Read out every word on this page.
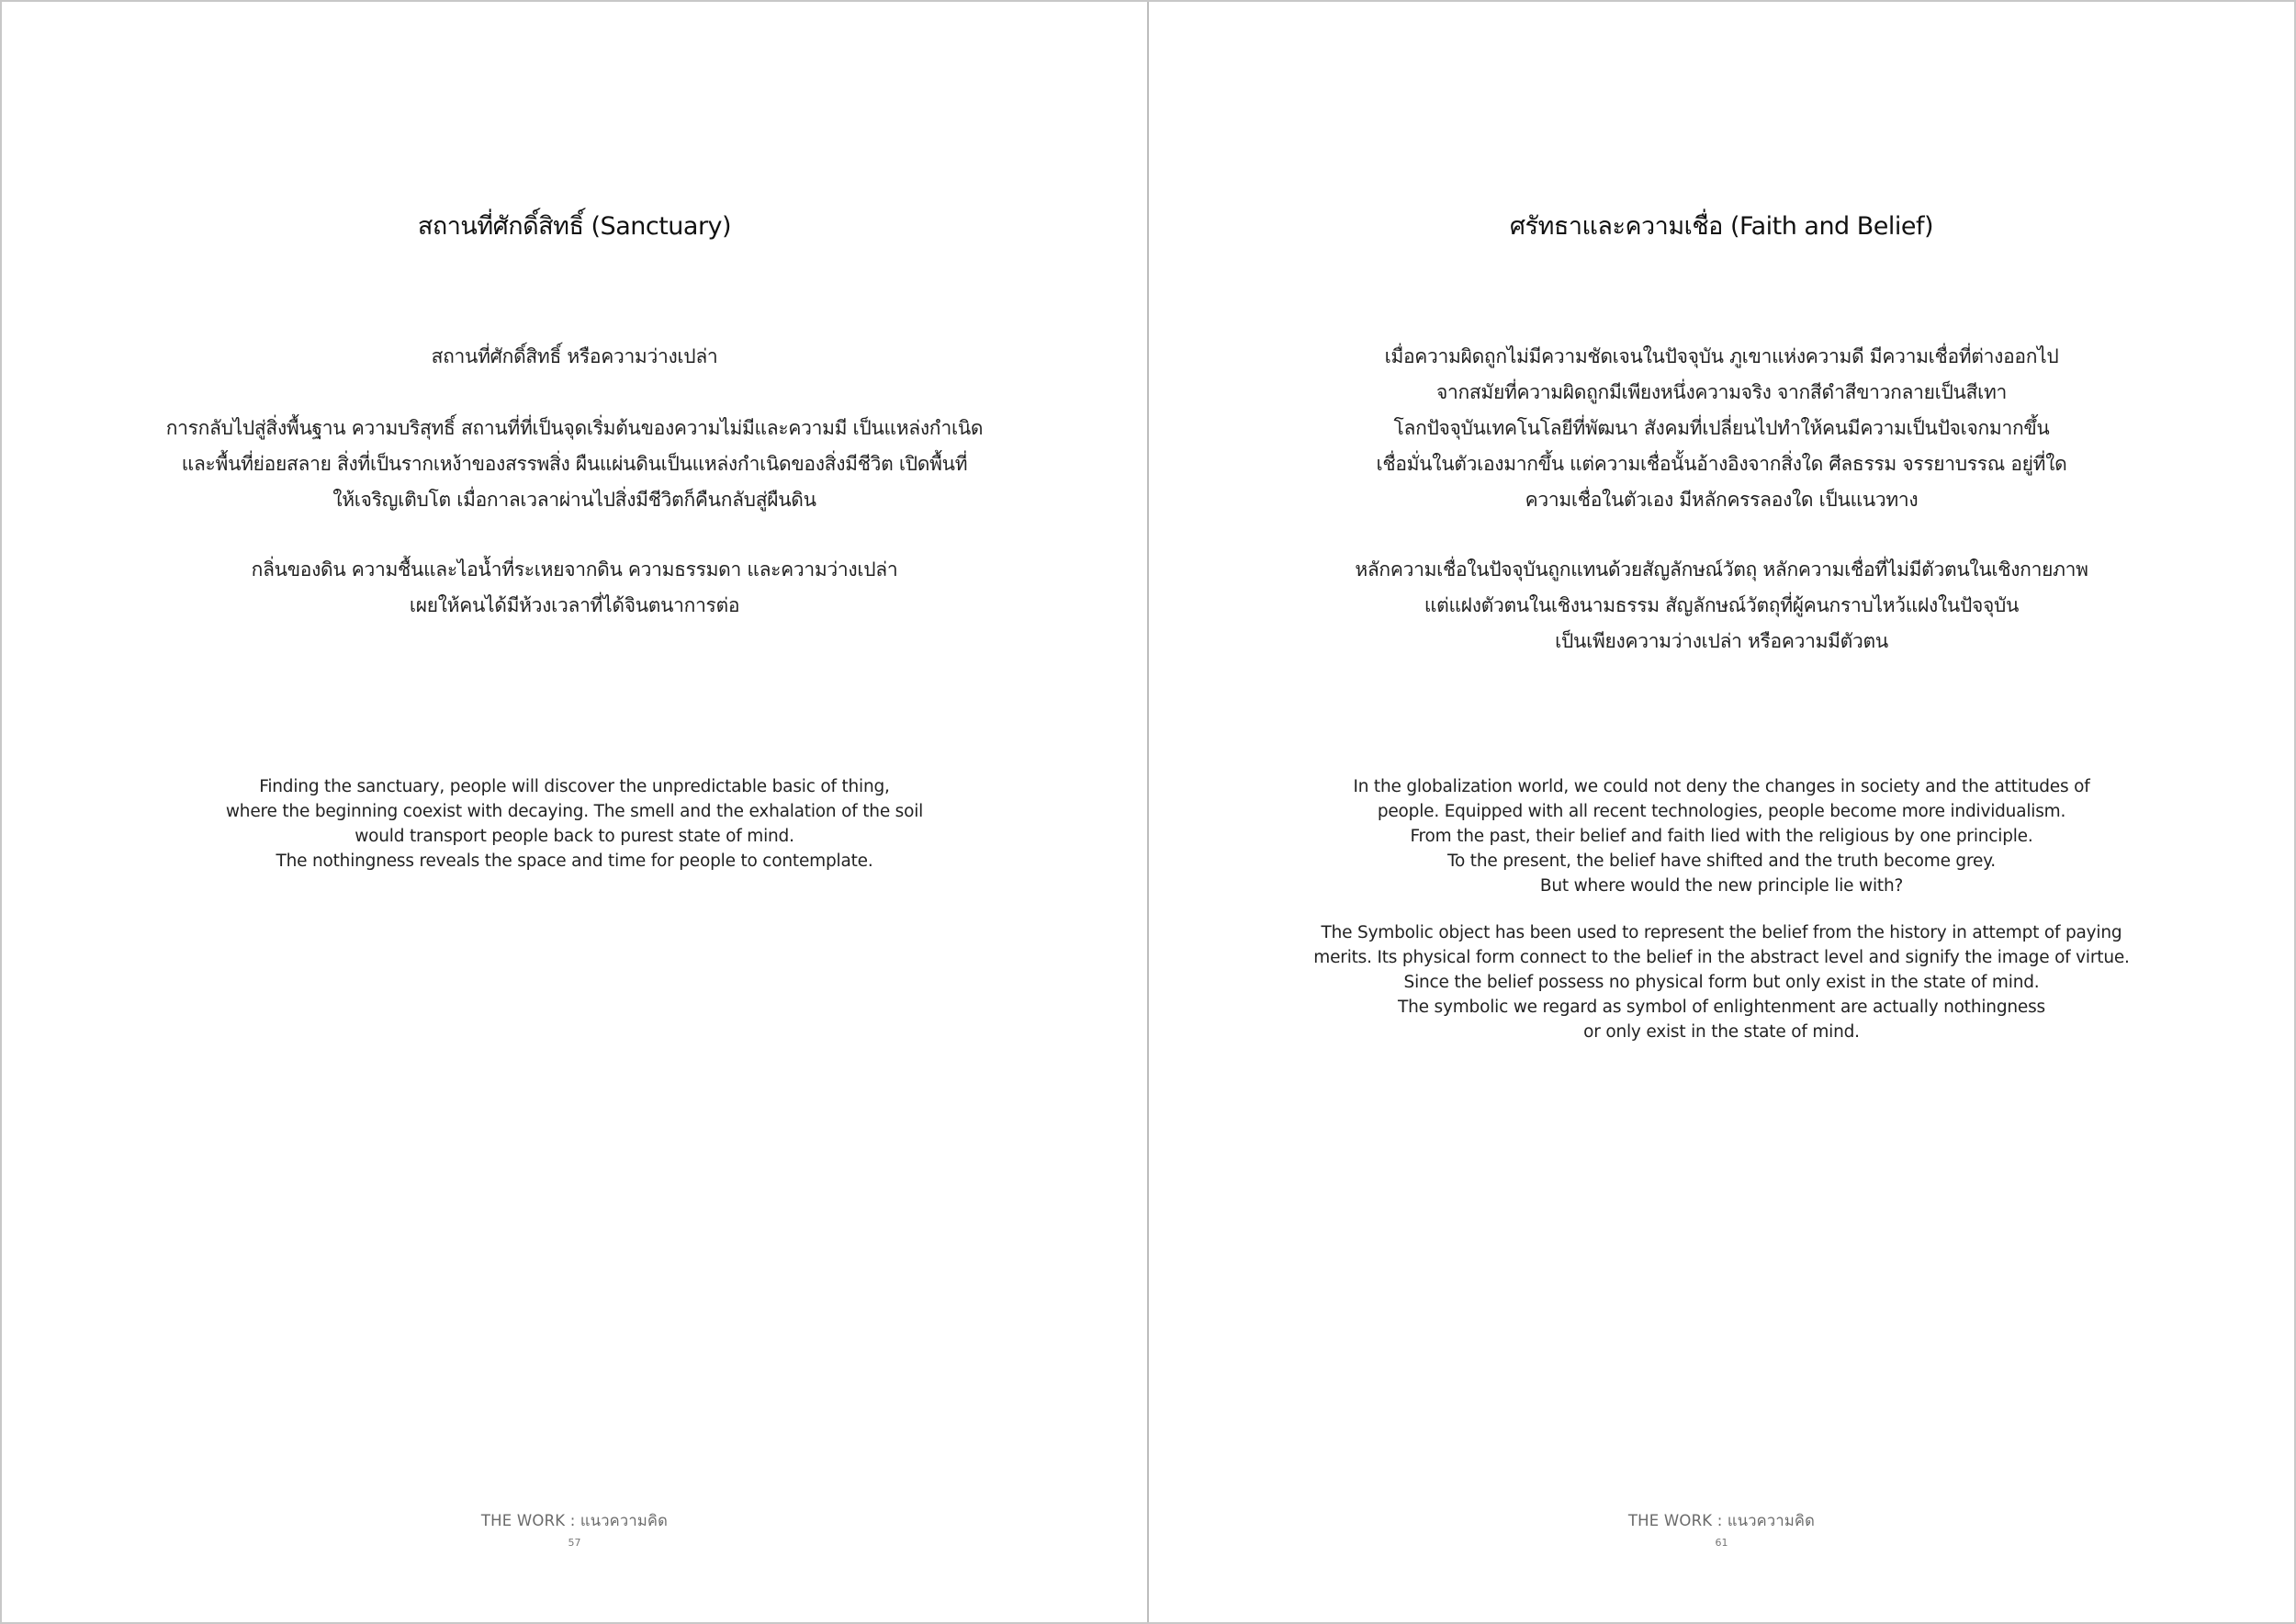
สถานที่ศักดิ์สิทธิ์ (Sanctuary)
สถานที่ศักดิ์สิทธิ์ หรือความว่างเปล่า
การกลับไปสู่สิ่งพื้นฐาน ความบริสุทธิ์ สถานที่ที่เป็นจุดเริ่มต้นของความไม่มีและความมี เป็นแหล่งกำเนิด
และพื้นที่ย่อยสลาย สิ่งที่เป็นรากเหง้าของสรรพสิ่ง ผืนแผ่นดินเป็นแหล่งกำเนิดของสิ่งมีชีวิต เปิดพื้นที่
ให้เจริญเติบโต เมื่อกาลเวลาผ่านไปสิ่งมีชีวิตก็คืนกลับสู่ผืนดิน
กลิ่นของดิน ความชื้นและไอน้ำที่ระเหยจากดิน ความธรรมดา และความว่างเปล่า
เผยให้คนได้มีห้วงเวลาที่ได้จินตนาการต่อ
Finding the sanctuary, people will discover the unpredictable basic of thing,
where the beginning coexist with decaying. The smell and the exhalation of the soil
would transport people back to purest state of mind.
The nothingness reveals the space and time for people to contemplate.
THE WORK : แนวความคิด
57
ศรัทธาและความเชื่อ (Faith and Belief)
เมื่อความผิดถูกไม่มีความชัดเจนในปัจจุบัน ภูเขาแห่งความดี มีความเชื่อที่ต่างออกไป
จากสมัยที่ความผิดถูกมีเพียงหนึ่งความจริง จากสีดำสีขาวกลายเป็นสีเทา
โลกปัจจุบันเทคโนโลยีที่พัฒนา สังคมที่เปลี่ยนไปทำให้คนมีความเป็นปัจเจกมากขึ้น
เชื่อมั่นในตัวเองมากขึ้น แต่ความเชื่อนั้นอ้างอิงจากสิ่งใด ศีลธรรม จรรยาบรรณ อยู่ที่ใด
ความเชื่อในตัวเอง มีหลักครรลองใด เป็นแนวทาง
หลักความเชื่อในปัจจุบันถูกแทนด้วยสัญลักษณ์วัตถุ หลักความเชื่อที่ไม่มีตัวตนในเชิงกายภาพ
แต่แฝงตัวตนในเชิงนามธรรม สัญลักษณ์วัตถุที่ผู้คนกราบไหว้แฝงในปัจจุบัน
เป็นเพียงความว่างเปล่า หรือความมีตัวตน
In the globalization world, we could not deny the changes in society and the attitudes of
people. Equipped with all recent technologies, people become more individualism.
From the past, their belief and faith lied with the religious by one principle.
To the present, the belief have shifted and the truth become grey.
But where would the new principle lie with?
The Symbolic object has been used to represent the belief from the history in attempt of paying
merits. Its physical form connect to the belief in the abstract level and signify the image of virtue.
Since the belief possess no physical form but only exist in the state of mind.
The symbolic we regard as symbol of enlightenment are actually nothingness
or only exist in the state of mind.
THE WORK : แนวความคิด
61
